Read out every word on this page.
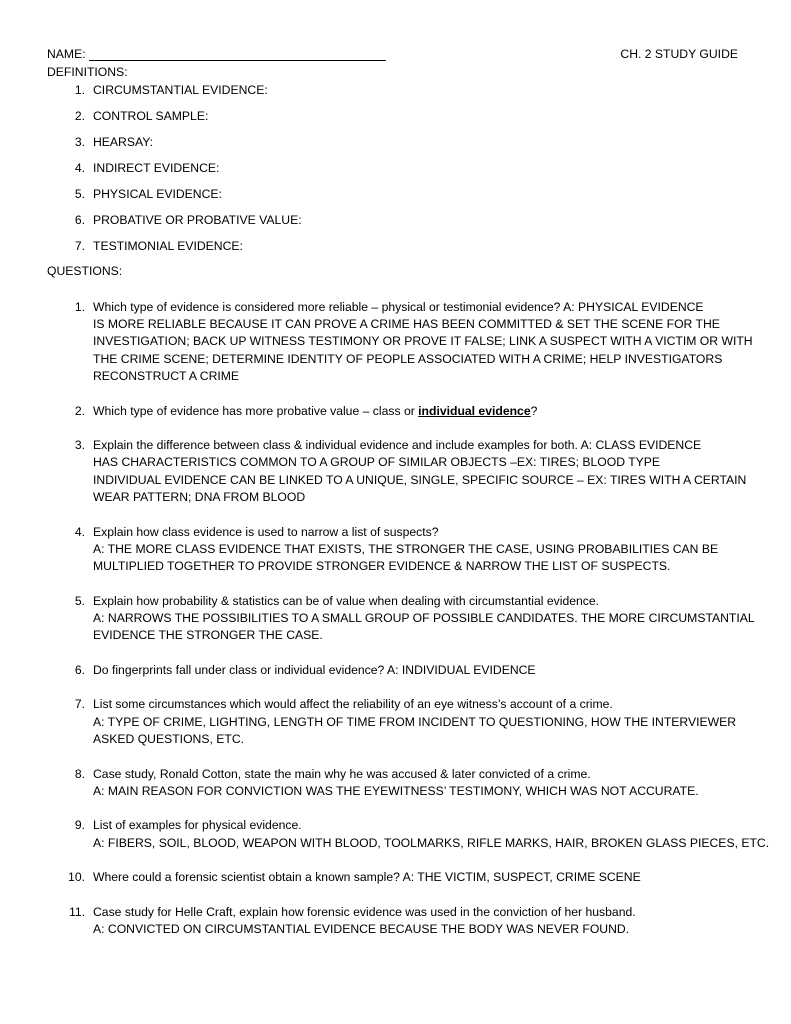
NAME:	CH. 2 STUDY GUIDE
DEFINITIONS:
1. CIRCUMSTANTIAL EVIDENCE:
2. CONTROL SAMPLE:
3. HEARSAY:
4. INDIRECT EVIDENCE:
5. PHYSICAL EVIDENCE:
6. PROBATIVE OR PROBATIVE VALUE:
7. TESTIMONIAL EVIDENCE:
QUESTIONS:
1. Which type of evidence is considered more reliable – physical or testimonial evidence? A: PHYSICAL EVIDENCE
IS MORE RELIABLE BECAUSE IT CAN PROVE A CRIME HAS BEEN COMMITTED & SET THE SCENE FOR THE
INVESTIGATION; BACK UP WITNESS TESTIMONY OR PROVE IT FALSE; LINK A SUSPECT WITH A VICTIM OR WITH
THE CRIME SCENE; DETERMINE IDENTITY OF PEOPLE ASSOCIATED WITH A CRIME; HELP INVESTIGATORS
RECONSTRUCT A CRIME
2. Which type of evidence has more probative value – class or individual evidence?
3. Explain the difference between class & individual evidence and include examples for both. A: CLASS EVIDENCE
HAS CHARACTERISTICS COMMON TO A GROUP OF SIMILAR OBJECTS –EX: TIRES; BLOOD TYPE
INDIVIDUAL EVIDENCE CAN BE LINKED TO A UNIQUE, SINGLE, SPECIFIC SOURCE – EX: TIRES WITH A CERTAIN
WEAR PATTERN; DNA FROM BLOOD
4. Explain how class evidence is used to narrow a list of suspects?
A: THE MORE CLASS EVIDENCE THAT EXISTS, THE STRONGER THE CASE, USING PROBABILITIES CAN BE
MULTIPLIED TOGETHER TO PROVIDE STRONGER EVIDENCE & NARROW THE LIST OF SUSPECTS.
5. Explain how probability & statistics can be of value when dealing with circumstantial evidence.
A: NARROWS THE POSSIBILITIES TO A SMALL GROUP OF POSSIBLE CANDIDATES. THE MORE CIRCUMSTANTIAL
EVIDENCE THE STRONGER THE CASE.
6. Do fingerprints fall under class or individual evidence? A: INDIVIDUAL EVIDENCE
7. List some circumstances which would affect the reliability of an eye witness’s account of a crime.
A: TYPE OF CRIME, LIGHTING, LENGTH OF TIME FROM INCIDENT TO QUESTIONING, HOW THE INTERVIEWER
ASKED QUESTIONS, ETC.
8. Case study, Ronald Cotton, state the main why he was accused & later convicted of a crime.
A: MAIN REASON FOR CONVICTION WAS THE EYEWITNESS’ TESTIMONY, WHICH WAS NOT ACCURATE.
9. List of examples for physical evidence.
A: FIBERS, SOIL, BLOOD, WEAPON WITH BLOOD, TOOLMARKS, RIFLE MARKS, HAIR, BROKEN GLASS PIECES, ETC.
10. Where could a forensic scientist obtain a known sample? A: THE VICTIM, SUSPECT, CRIME SCENE
11. Case study for Helle Craft, explain how forensic evidence was used in the conviction of her husband.
A: CONVICTED ON CIRCUMSTANTIAL EVIDENCE BECAUSE THE BODY WAS NEVER FOUND.
